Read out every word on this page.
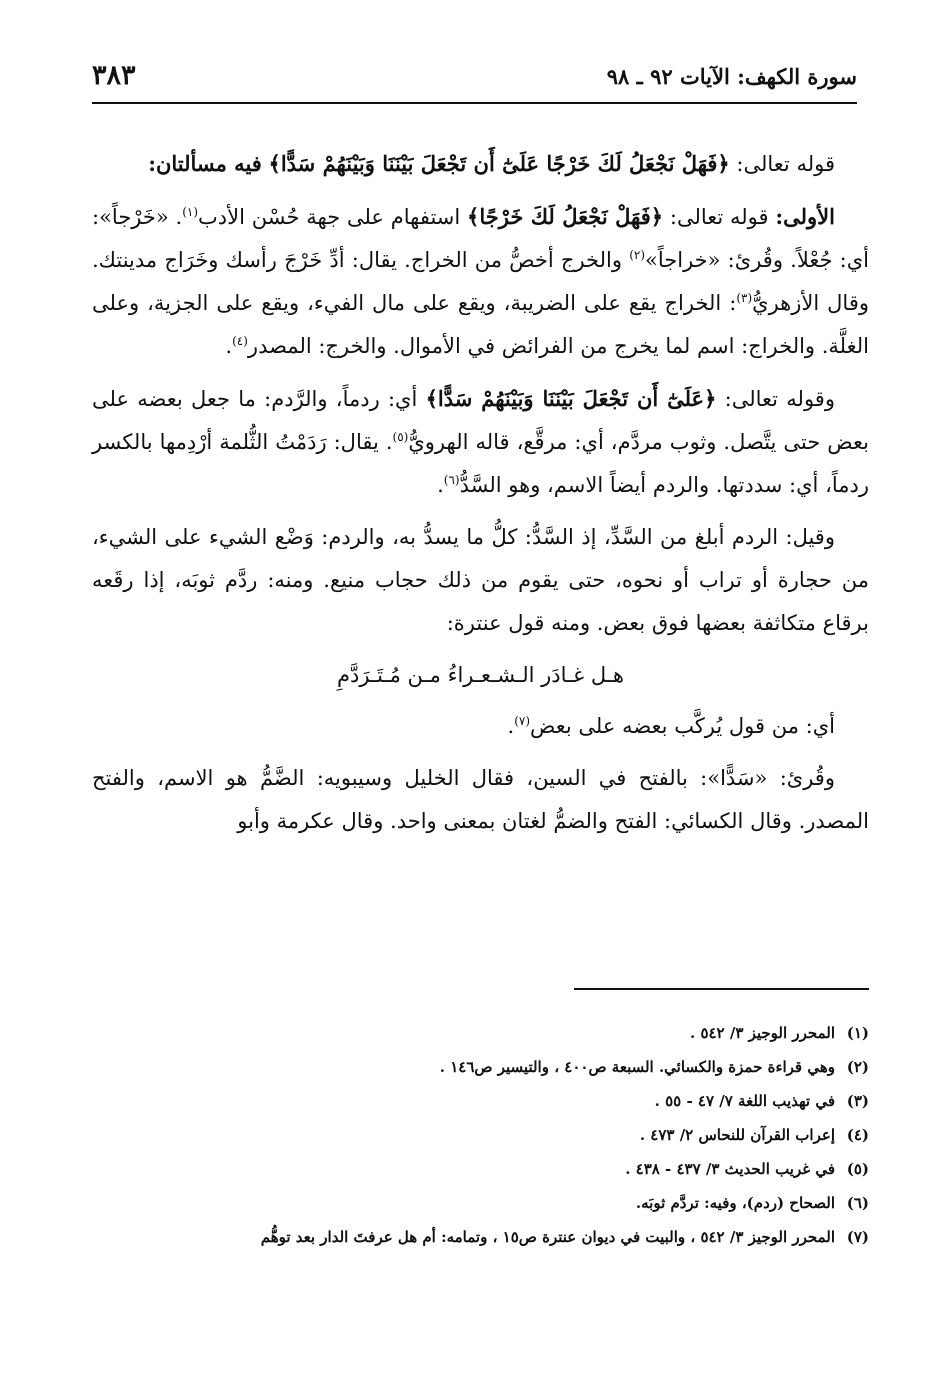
سورة الكهف: الآيات ٩٢ ـ ٩٨
٣٨٣

قوله تعالى: ﴿فَهَلْ نَجْعَلُ لَكَ خَرْجًا عَلَىٰٓ أَن تَجْعَلَ بَيْنَنَا وَبَيْنَهُمْ سَدًّا﴾ فيه مسألتان:

الأولى: قوله تعالى: ﴿فَهَلْ نَجْعَلُ لَكَ خَرْجًا﴾ استفهام على جهة حُسْن الأدب$^{(١)}$. «خَرْجاً»: أي: جُعْلاً. وقُرئ: «خراجاً»$^{(٢)}$ والخرج أخصُّ من الخراج. يقال: أدِّ خَرْجَ رأسك وخَرَاج مدينتك. وقال الأزهريُّ$^{(٣)}$: الخراج يقع على الضريبة، ويقع على مال الفيء، ويقع على الجزية، وعلى الغلَّة. والخراج: اسم لما يخرج من الفرائض في الأموال. والخرج: المصدر$^{(٤)}$.

وقوله تعالى: ﴿عَلَىٰٓ أَن تَجْعَلَ بَيْنَنَا وَبَيْنَهُمْ سَدًّا﴾ أي: ردماً، والرَّدم: ما جعل بعضه على بعض حتى يتَّصل. وثوب مردَّم، أي: مرقَّع، قاله الهرويُّ$^{(٥)}$. يقال: رَدَمْتُ الثُّلمة أرْدِمها بالكسر ردماً، أي: سددتها. والردم أيضاً الاسم، وهو السَّدُّ$^{(٦)}$.

وقيل: الردم أبلغ من السَّدِّ، إذ السَّدُّ: كلُّ ما يسدُّ به، والردم: وَضْع الشيء على الشيء، من حجارة أو تراب أو نحوه، حتى يقوم من ذلك حجاب منيع. ومنه: ردَّم ثوبَه، إذا رقَعه برقاع متكاثفة بعضها فوق بعض. ومنه قول عنترة:

هـل غـادَر الـشـعـراءُ مـن مُـتَـرَدَّمِ

أي: من قول يُركَّب بعضه على بعض$^{(٧)}$.

وقُرئ: «سَدًّا»: بالفتح في السين، فقال الخليل وسيبويه: الضَّمُّ هو الاسم، والفتح المصدر. وقال الكسائي: الفتح والضمُّ لغتان بمعنى واحد. وقال عكرمة وأبو

(١)المحرر الوجيز ٣/ ٥٤٢ .
(٢)وهي قراءة حمزة والكسائي. السبعة ص٤٠٠ ، والتيسير ص١٤٦ .
(٣)في تهذيب اللغة ٧/ ٤٧ - ٥٥ .
(٤)إعراب القرآن للنحاس ٢/ ٤٧٣ .
(٥)في غريب الحديث ٣/ ٤٣٧ - ٤٣٨ .
(٦)الصحاح (ردم)، وفيه: تردَّم ثوبَه.
(٧)المحرر الوجيز ٣/ ٥٤٢ ، والبيت في ديوان عنترة ص١٥ ، وتمامه: أم هل عرفتَ الدار بعد توهُّم
